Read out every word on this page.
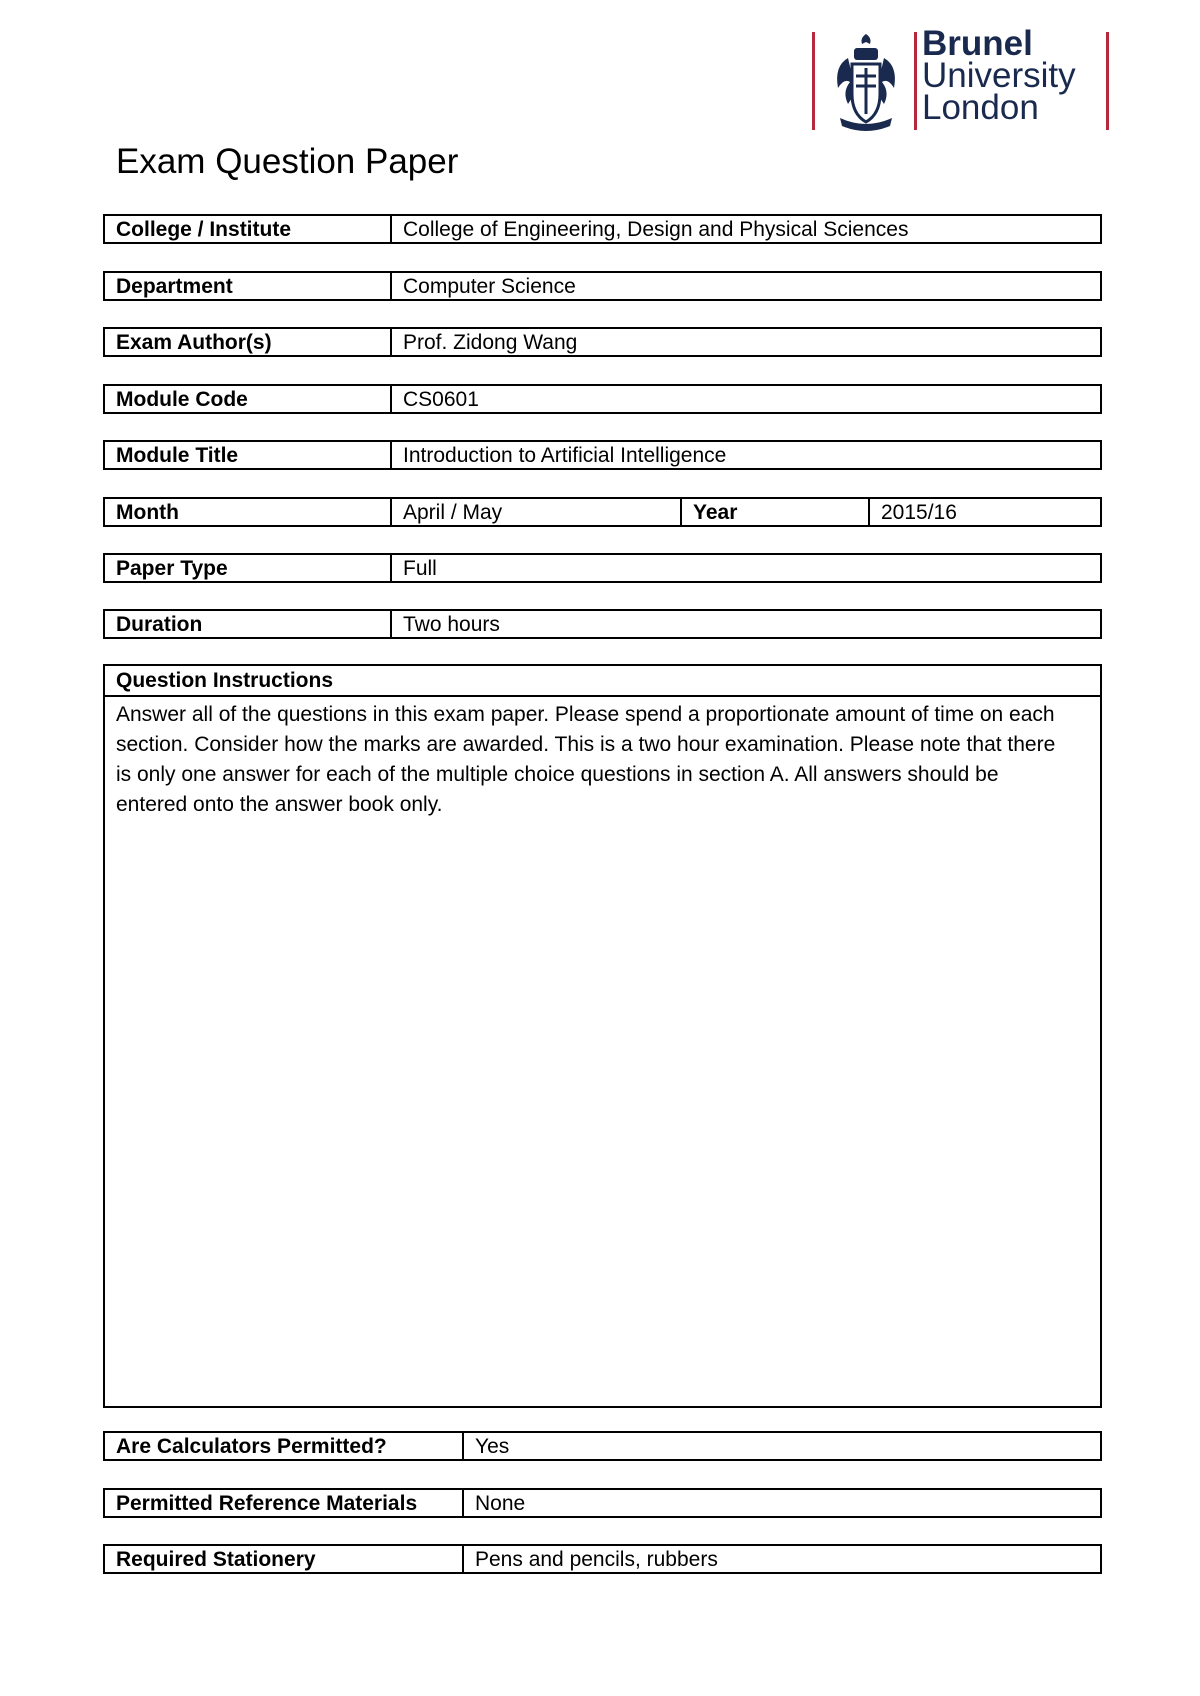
Brunel
University
London
Exam Question Paper
College / Institute	College of Engineering, Design and Physical Sciences
Department	Computer Science
Exam Author(s)	Prof. Zidong Wang
Module Code	CS0601
Module Title	Introduction to Artificial Intelligence
Month	April / May	Year	2015/16
Paper Type	Full
Duration	Two hours
Question Instructions
Answer all of the questions in this exam paper. Please spend a proportionate amount of time on each section. Consider how the marks are awarded. This is a two hour examination. Please note that there is only one answer for each of the multiple choice questions in section A. All answers should be entered onto the answer book only.
Are Calculators Permitted?	Yes
Permitted Reference Materials	None
Required Stationery	Pens and pencils, rubbers
